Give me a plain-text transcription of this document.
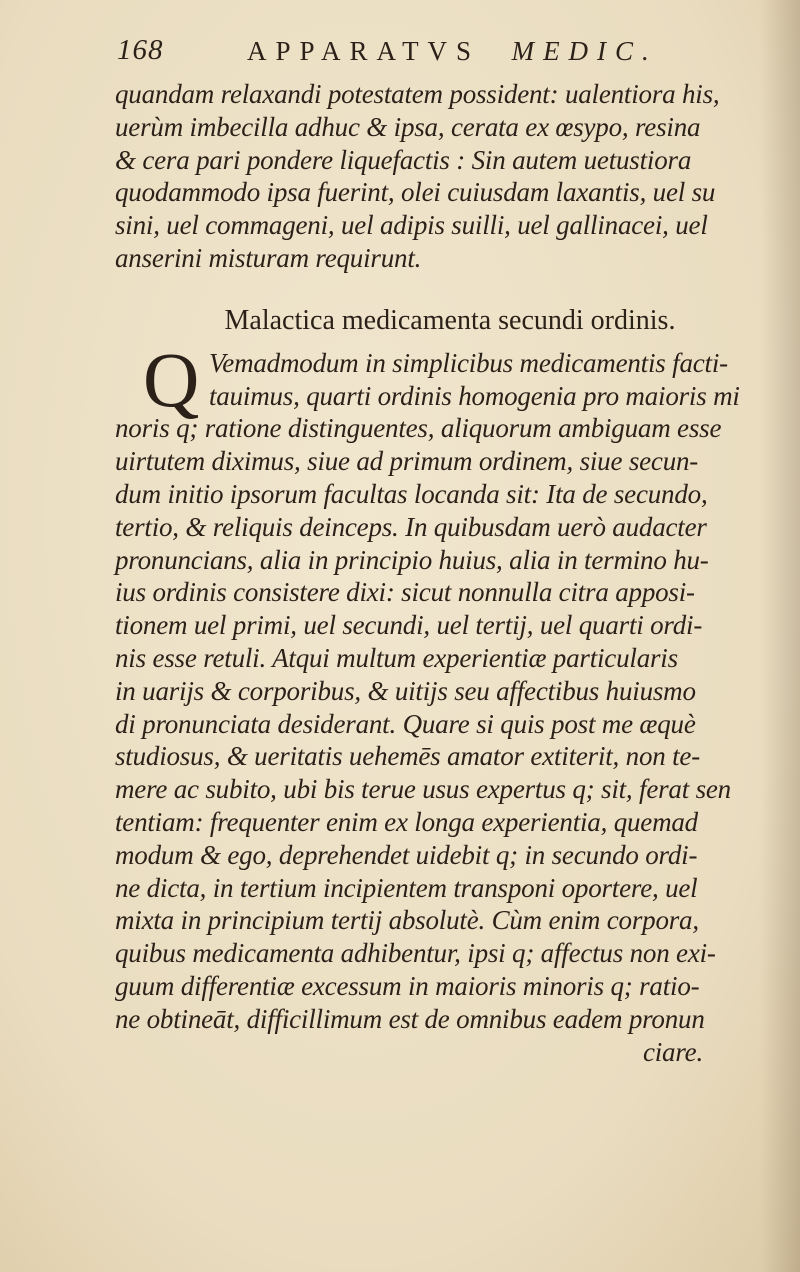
168	APPARATVS MEDIC.
quandam relaxandi potestatem possident: ualentiora his,
uerùm imbecilla adhuc & ipsa, cerata ex œsypo, resina
& cera pari pondere liquefactis : Sin autem uetustiora
quodammodo ipsa fuerint, olei cuiusdam laxantis, uel su
sini, uel commageni, uel adipis suilli, uel gallinacei, uel
anserini misturam requirunt.
Malactica medicamenta secundi ordinis.
Q Vemadmodum in simplicibus medicamentis facti-
tauimus, quarti ordinis homogenia pro maioris mi
noris q; ratione distinguentes, aliquorum ambiguam esse
uirtutem diximus, siue ad primum ordinem, siue secun-
dum initio ipsorum facultas locanda sit: Ita de secundo,
tertio, & reliquis deinceps. In quibusdam uerò audacter
pronuncians, alia in principio huius, alia in termino hu-
ius ordinis consistere dixi: sicut nonnulla citra apposi-
tionem uel primi, uel secundi, uel tertij, uel quarti ordi-
nis esse retuli. Atqui multum experientiæ particularis
in uarijs & corporibus, & uitijs seu affectibus huiusmo
di pronunciata desiderant. Quare si quis post me æquè
studiosus, & ueritatis uehemēs amator extiterit, non te-
mere ac subito, ubi bis terue usus expertus q; sit, ferat sen
tentiam: frequenter enim ex longa experientia, quemad
modum & ego, deprehendet uidebit q; in secundo ordi-
ne dicta, in tertium incipientem transponi oportere, uel
mixta in principium tertij absolutè. Cùm enim corpora,
quibus medicamenta adhibentur, ipsi q; affectus non exi-
guum differentiæ excessum in maioris minoris q; ratio-
ne obtineāt, difficillimum est de omnibus eadem pronun
ciare.
